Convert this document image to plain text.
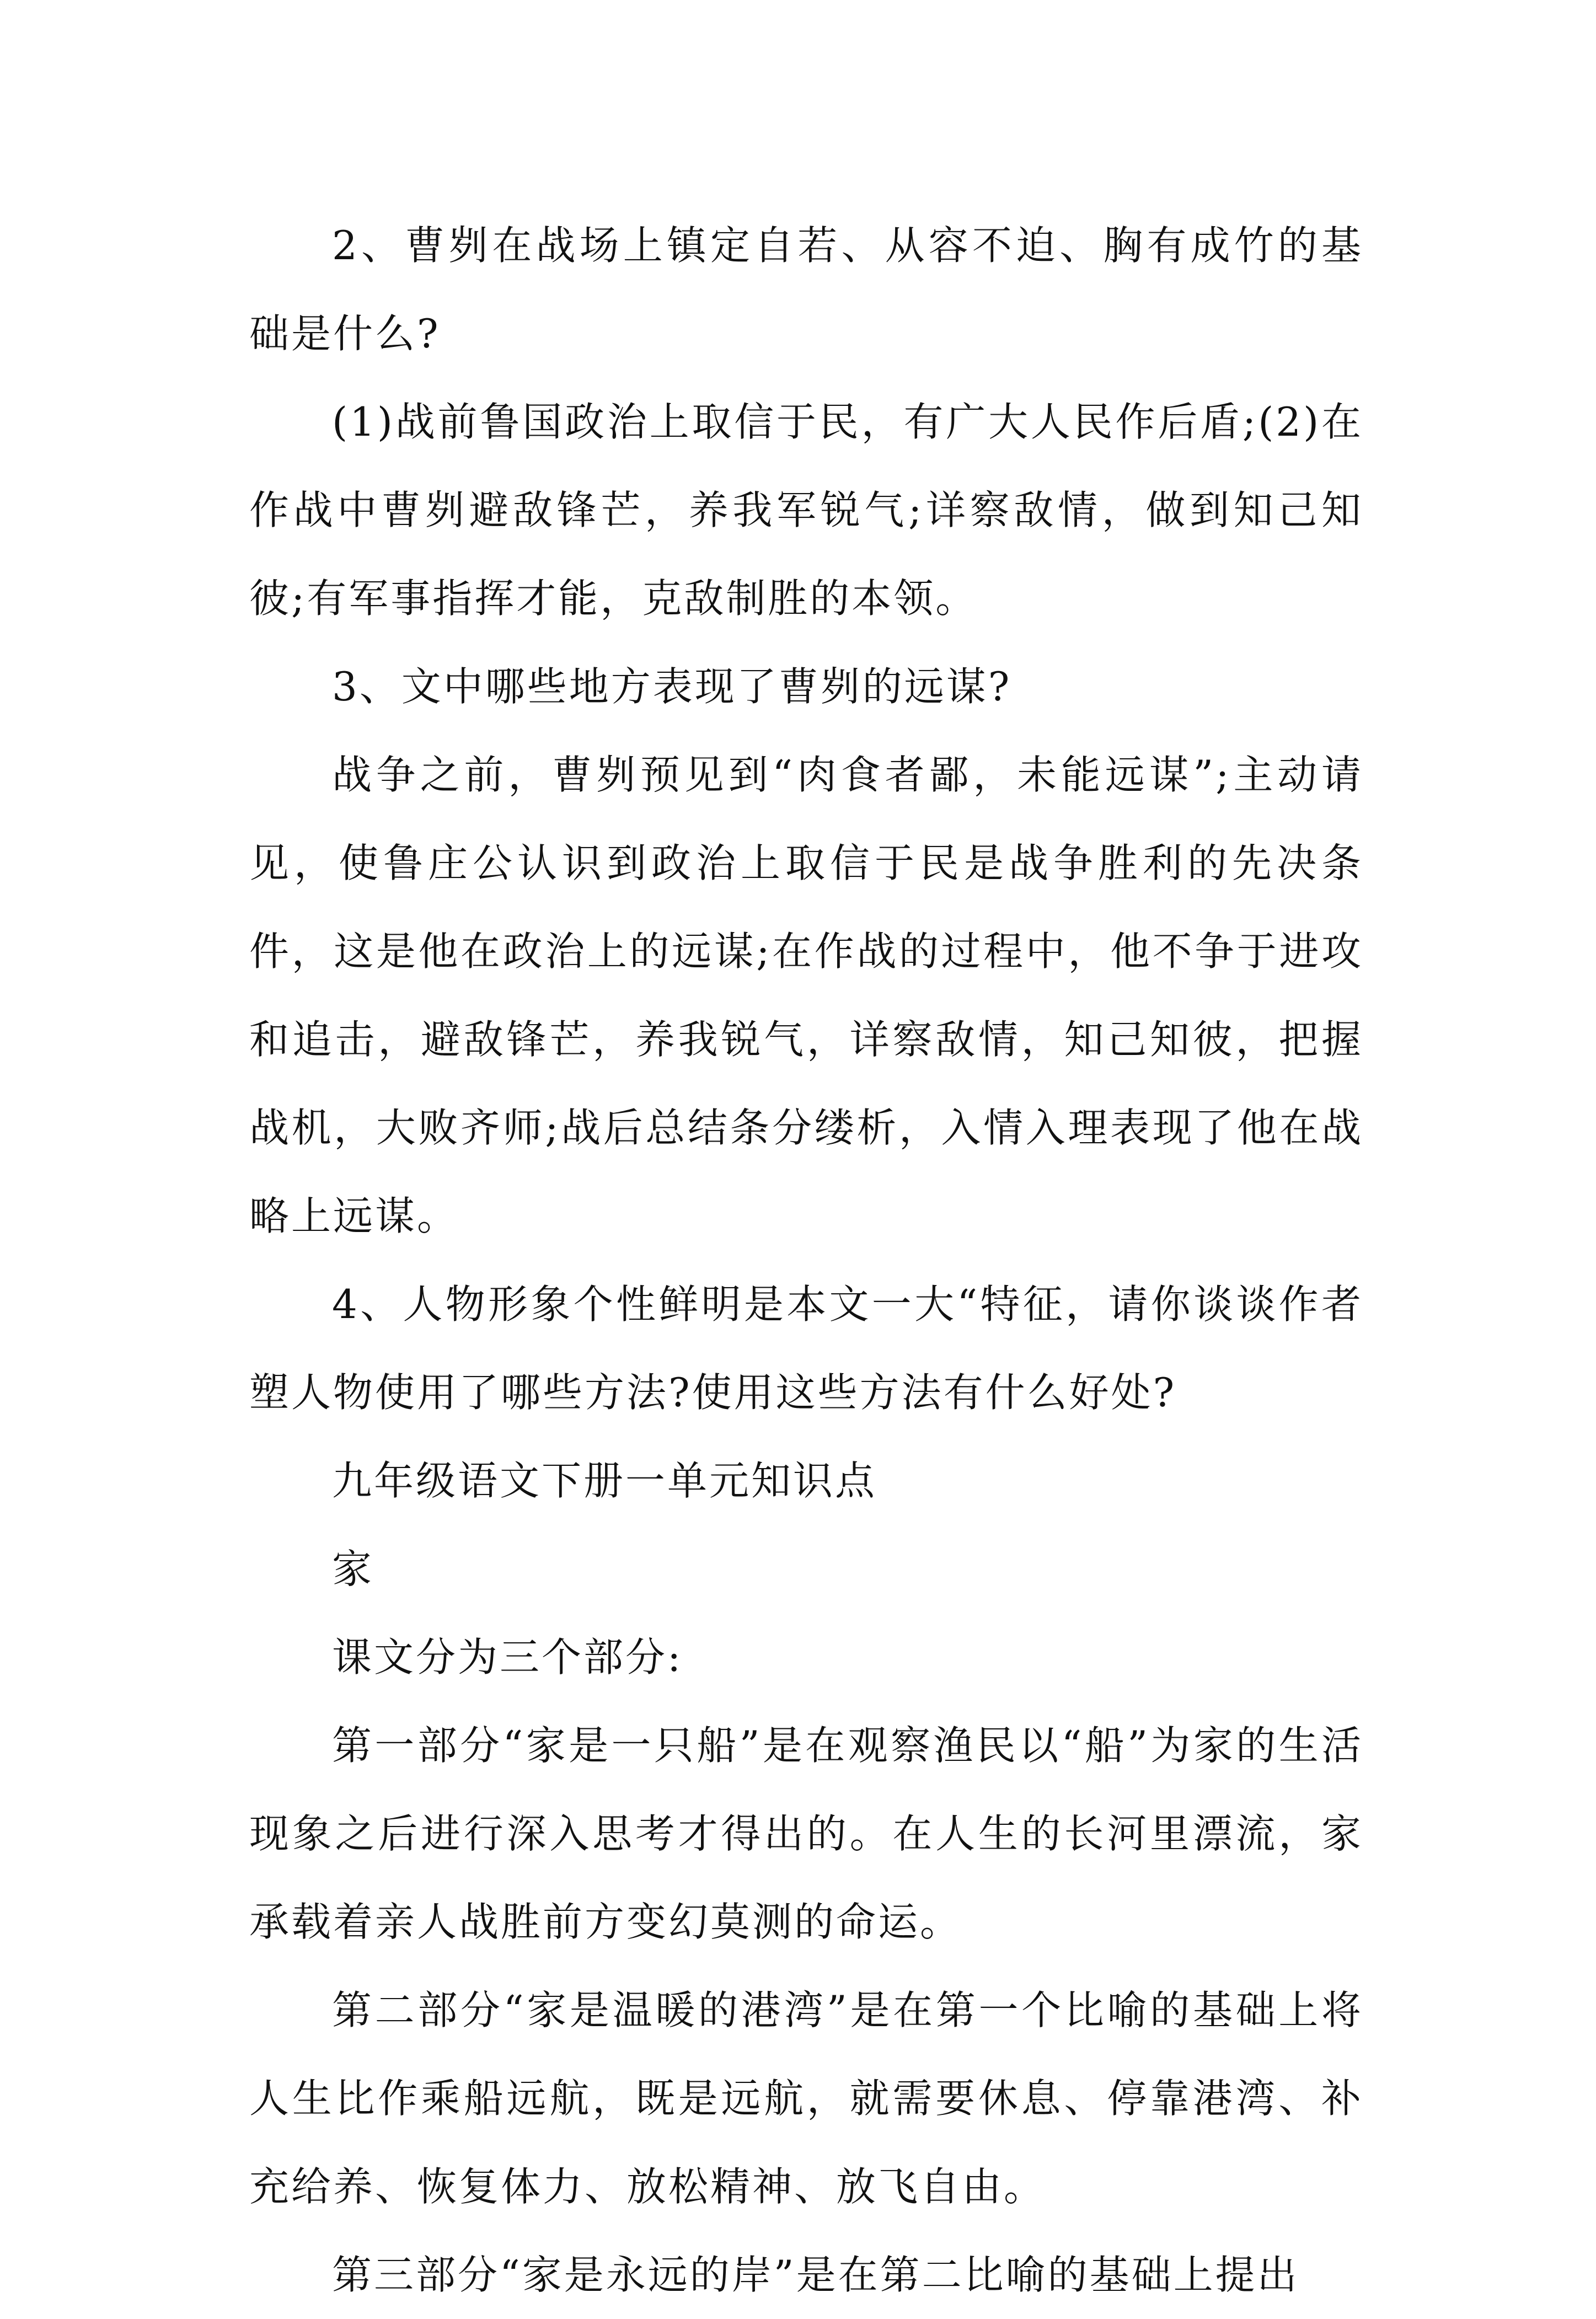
2、曹刿在战场上镇定自若、从容不迫、胸有成竹的基础是什么?

(1)战前鲁国政治上取信于民，有广大人民作后盾;(2)在作战中曹刿避敌锋芒，养我军锐气;详察敌情，做到知己知彼;有军事指挥才能，克敌制胜的本领。

3、文中哪些地方表现了曹刿的远谋?

战争之前，曹刿预见到“肉食者鄙，未能远谋”;主动请见，使鲁庄公认识到政治上取信于民是战争胜利的先决条件，这是他在政治上的远谋;在作战的过程中，他不争于进攻和追击，避敌锋芒，养我锐气，详察敌情，知己知彼，把握战机，大败齐师;战后总结条分缕析，入情入理表现了他在战略上远谋。

4、人物形象个性鲜明是本文一大“特征，请你谈谈作者塑人物使用了哪些方法?使用这些方法有什么好处?

九年级语文下册一单元知识点

家

课文分为三个部分:

第一部分“家是一只船”是在观察渔民以“船”为家的生活现象之后进行深入思考才得出的。在人生的长河里漂流，家承载着亲人战胜前方变幻莫测的命运。

第二部分“家是温暖的港湾”是在第一个比喻的基础上将人生比作乘船远航，既是远航，就需要休息、停靠港湾、补充给养、恢复体力、放松精神、放飞自由。

第三部分“家是永远的岸”是在第二比喻的基础上提出
